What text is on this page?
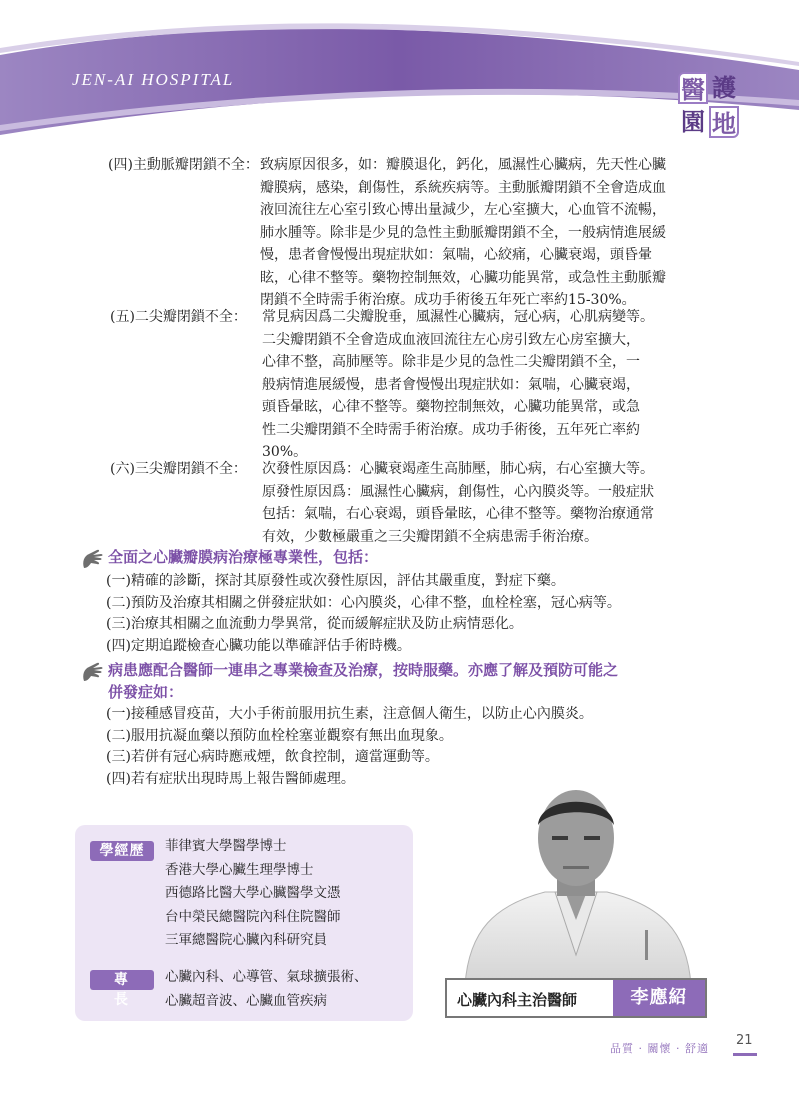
JEN-AI HOSPITAL	醫 護
園 地
(四)主動脈瓣閉鎖不全： 致病原因很多，如：瓣膜退化，鈣化，風濕性心臟病，先天性心臟
瓣膜病，感染，創傷性，系統疾病等。主動脈瓣閉鎖不全會造成血
液回流往左心室引致心博出量減少，左心室擴大，心血管不流暢，
肺水腫等。除非是少見的急性主動脈瓣閉鎖不全，一般病情進展緩
慢，患者會慢慢出現症狀如：氣喘，心絞痛，心臟衰竭，頭昏暈
眩，心律不整等。藥物控制無效，心臟功能異常，或急性主動脈瓣
閉鎖不全時需手術治療。成功手術後五年死亡率約15-30%。
(五)二尖瓣閉鎖不全： 常見病因爲二尖瓣脫垂，風濕性心臟病，冠心病，心肌病變等。
二尖瓣閉鎖不全會造成血液回流往左心房引致左心房室擴大，
心律不整，高肺壓等。除非是少見的急性二尖瓣閉鎖不全，一
般病情進展緩慢，患者會慢慢出現症狀如：氣喘，心臟衰竭，
頭昏暈眩，心律不整等。藥物控制無效，心臟功能異常，或急
性二尖瓣閉鎖不全時需手術治療。成功手術後，五年死亡率約
30%。
(六)三尖瓣閉鎖不全： 次發性原因爲：心臟衰竭產生高肺壓，肺心病，右心室擴大等。
原發性原因爲：風濕性心臟病，創傷性，心內膜炎等。一般症狀
包括：氣喘，右心衰竭，頭昏暈眩，心律不整等。藥物治療通常
有效，少數極嚴重之三尖瓣閉鎖不全病患需手術治療。
全面之心臟瓣膜病治療極專業性，包括：
(一)精確的診斷，探討其原發性或次發性原因，評估其嚴重度，對症下藥。
(二)預防及治療其相關之併發症狀如：心內膜炎，心律不整，血栓栓塞，冠心病等。
(三)治療其相關之血流動力學異常，從而緩解症狀及防止病情惡化。
(四)定期追蹤檢查心臟功能以準確評估手術時機。
病患應配合醫師一連串之專業檢查及治療，按時服藥。亦應了解及預防可能之
併發症如：
(一)接種感冒疫苗，大小手術前服用抗生素，注意個人衛生，以防止心內膜炎。
(二)服用抗凝血藥以預防血栓栓塞並觀察有無出血現象。
(三)若併有冠心病時應戒煙，飲食控制，適當運動等。
(四)若有症狀出現時馬上報告醫師處理。
學經歷	菲律賓大學醫學博士
香港大學心臟生理學博士
西德路比醫大學心臟醫學文憑
台中榮民總醫院內科住院醫師
三軍總醫院心臟內科研究員
專長
心臟內科、心導管、氣球擴張術、
心臟超音波、心臟血管疾病	心臟內科主治醫師	李應紹
品質 · 關懷 · 舒適
21
